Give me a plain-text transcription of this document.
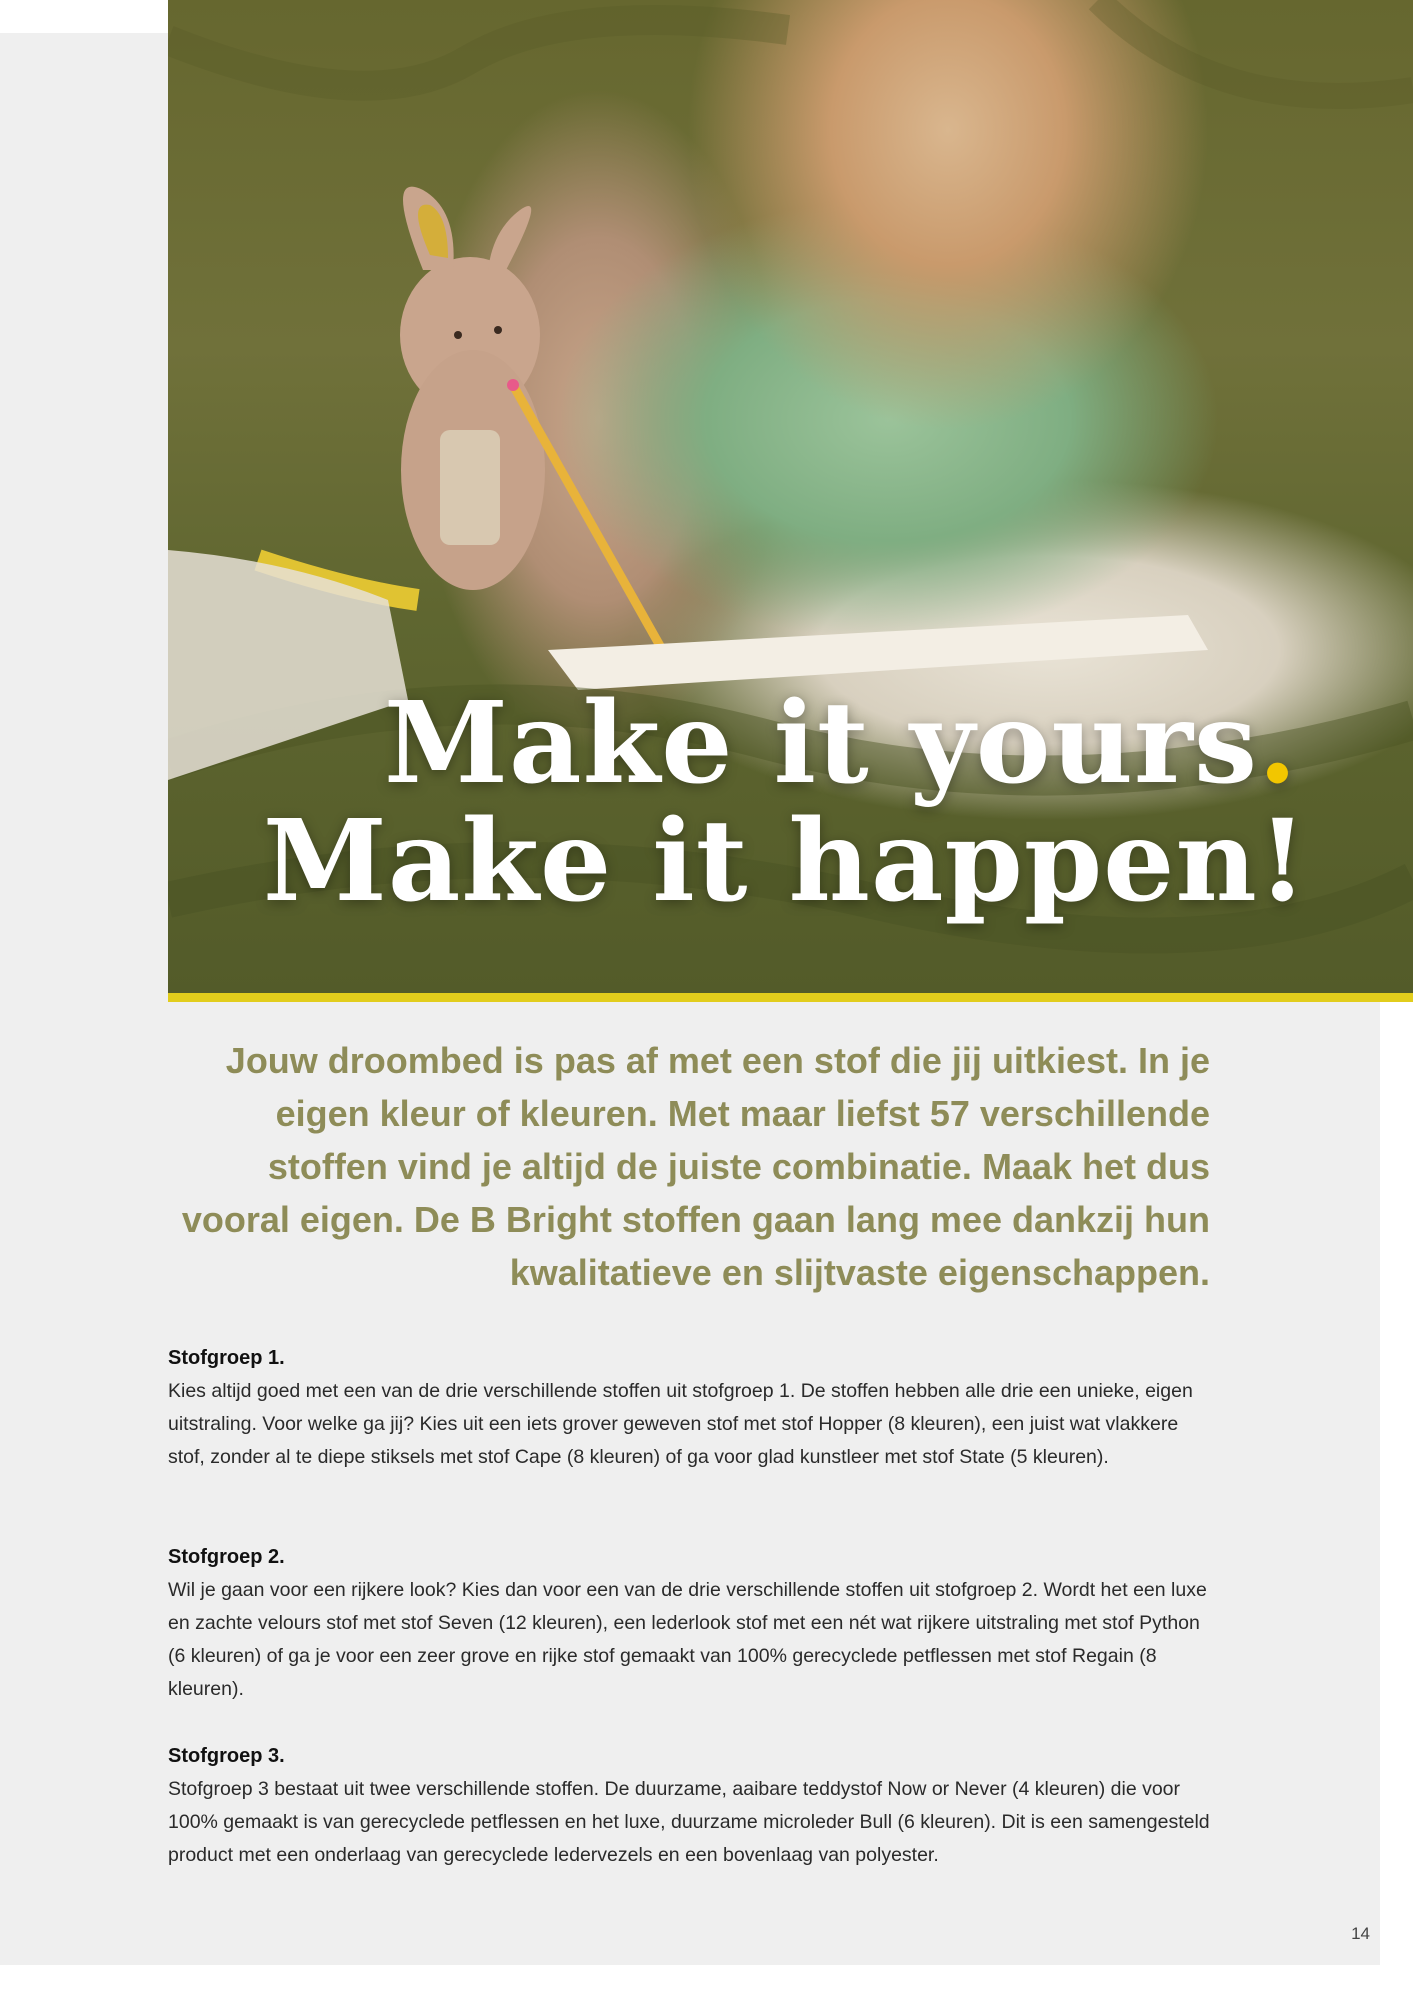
Make it yours.
Make it happen!

Jouw droombed is pas af met een stof die jij uitkiest. In je eigen kleur of kleuren. Met maar liefst 57 verschillende stoffen vind je altijd de juiste combinatie. Maak het dus vooral eigen. De B Bright stoffen gaan lang mee dankzij hun kwalitatieve en slijtvaste eigenschappen.

Stofgroep 1.

Kies altijd goed met een van de drie verschillende stoffen uit stofgroep 1. De stoffen hebben alle drie een unieke, eigen uitstraling. Voor welke ga jij? Kies uit een iets grover geweven stof met stof Hopper (8 kleuren), een juist wat vlakkere stof, zonder al te diepe stiksels met stof Cape (8 kleuren) of ga voor glad kunstleer met stof State (5 kleuren).

Stofgroep 2.

Wil je gaan voor een rijkere look? Kies dan voor een van de drie verschillende stoffen uit stofgroep 2. Wordt het een luxe en zachte velours stof met stof Seven (12 kleuren), een lederlook stof met een nét wat rijkere uitstraling met stof Python (6 kleuren) of ga je voor een zeer grove en rijke stof gemaakt van 100% gerecyclede petflessen met stof Regain (8 kleuren).

Stofgroep 3.

Stofgroep 3 bestaat uit twee verschillende stoffen. De duurzame, aaibare teddystof Now or Never (4 kleuren) die voor 100% gemaakt is van gerecyclede petflessen en het luxe, duurzame microleder Bull (6 kleuren). Dit is een samengesteld product met een onderlaag van gerecyclede ledervezels en een bovenlaag van polyester.

14
